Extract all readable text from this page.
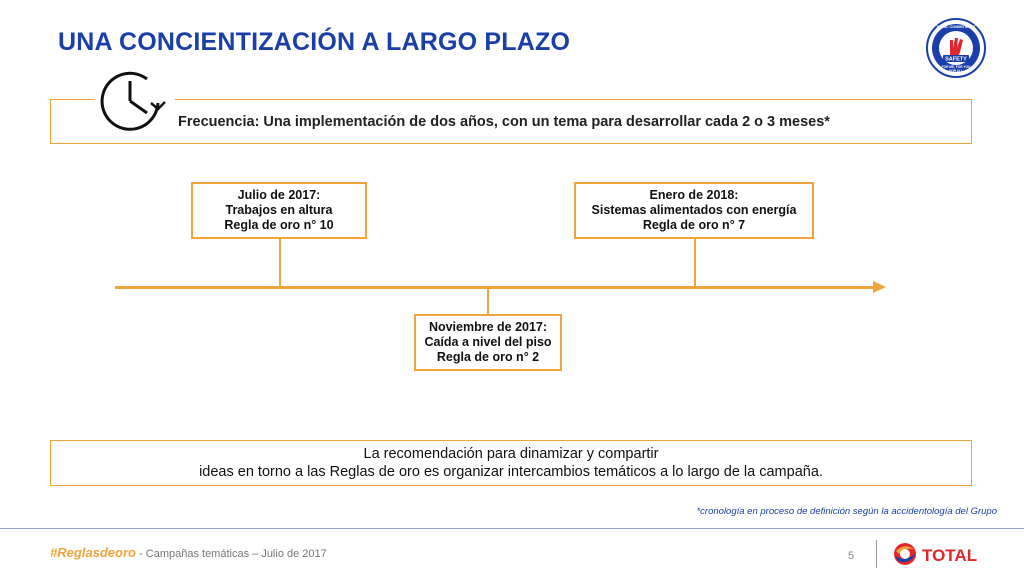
UNA CONCIENTIZACIÓN A LARGO PLAZO
SAFETY
TOTAL COMMITMENT
FOR ME, FOR YOU
FOR ALL
Frecuencia: Una implementación de dos años, con un tema para desarrollar cada 2 o 3 meses*
Julio de 2017:
Trabajos en altura
Regla de oro n° 10
Noviembre de 2017:
Caída a nivel del piso
Regla de oro n° 2
Enero de 2018:
Sistemas alimentados con energía
Regla de oro n° 7
La recomendación para dinamizar y compartir
ideas en torno a las Reglas de oro es organizar intercambios temáticos a lo largo de la campaña.
*cronología en proceso de definición según la accidentología del Grupo
#Reglasdeoro - Campañas temáticas – Julio de 2017	5	TOTAL
